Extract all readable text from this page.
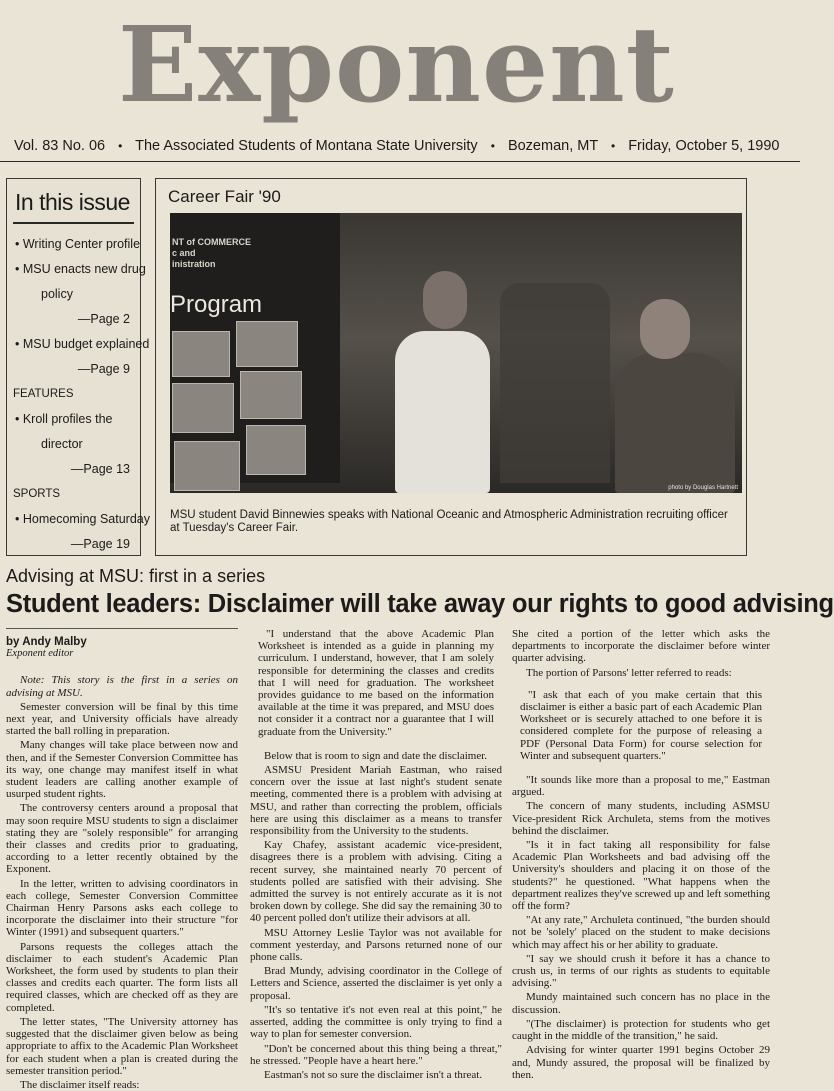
Exponent
Vol. 83 No. 06 • The Associated Students of Montana State University • Bozeman, MT • Friday, October 5, 1990
In this issue
• Writing Center profile
• MSU enacts new drug
policy
—Page 2
• MSU budget explained
—Page 9
FEATURES
• Kroll profiles the
director
—Page 13
SPORTS
• Homecoming Saturday
—Page 19
Career Fair '90
NT of COMMERCE
c and
inistration
Program
photo by Douglas Hartnett
MSU student David Binnewies speaks with National Oceanic and Atmospheric Administration recruiting officer at Tuesday's Career Fair.
Advising at MSU: first in a series
Student leaders: Disclaimer will take away our rights to good advising
by Andy Malby
Exponent editor

Note: This story is the first in a series on advising at MSU.

Semester conversion will be final by this time next year, and University officials have already started the ball rolling in preparation.

Many changes will take place between now and then, and if the Semester Conversion Committee has its way, one change may manifest itself in what student leaders are calling another example of usurped student rights.

The controversy centers around a proposal that may soon require MSU students to sign a disclaimer stating they are "solely responsible" for arranging their classes and credits prior to graduating, according to a letter recently obtained by the Exponent.

In the letter, written to advising coordinators in each college, Semester Conversion Committee Chairman Henry Parsons asks each college to incorporate the disclaimer into their structure "for Winter (1991) and subsequent quarters."

Parsons requests the colleges attach the disclaimer to each student's Academic Plan Worksheet, the form used by students to plan their classes and credits each quarter. The form lists all required classes, which are checked off as they are completed.

The letter states, "The University attorney has suggested that the disclaimer given below as being appropriate to affix to the Academic Plan Worksheet for each student when a plan is created during the semester transition period."

The disclaimer itself reads:

"I understand that the above Academic Plan Worksheet is intended as a guide in planning my curriculum. I understand, however, that I am solely responsible for determining the classes and credits that I will need for graduation. The worksheet provides guidance to me based on the information available at the time it was prepared, and MSU does not consider it a contract nor a guarantee that I will graduate from the University."

Below that is room to sign and date the disclaimer.

ASMSU President Mariah Eastman, who raised concern over the issue at last night's student senate meeting, commented there is a problem with advising at MSU, and rather than correcting the problem, officials here are using this disclaimer as a means to transfer responsibility from the University to the students.

Kay Chafey, assistant academic vice-president, disagrees there is a problem with advising. Citing a recent survey, she maintained nearly 70 percent of students polled are satisfied with their advising. She admitted the survey is not entirely accurate as it is not broken down by college. She did say the remaining 30 to 40 percent polled don't utilize their advisors at all.

MSU Attorney Leslie Taylor was not available for comment yesterday, and Parsons returned none of our phone calls.

Brad Mundy, advising coordinator in the College of Letters and Science, asserted the disclaimer is yet only a proposal.

"It's so tentative it's not even real at this point," he asserted, adding the committee is only trying to find a way to plan for semester conversion.

"Don't be concerned about this thing being a threat," he stressed. "People have a heart here."

Eastman's not so sure the disclaimer isn't a threat.

She cited a portion of the letter which asks the departments to incorporate the disclaimer before winter quarter advising.

The portion of Parsons' letter referred to reads:

"I ask that each of you make certain that this disclaimer is either a basic part of each Academic Plan Worksheet or is securely attached to one before it is considered complete for the purpose of releasing a PDF (Personal Data Form) for course selection for Winter and subsequent quarters."

"It sounds like more than a proposal to me," Eastman argued.

The concern of many students, including ASMSU Vice-president Rick Archuleta, stems from the motives behind the disclaimer.

"Is it in fact taking all responsibility for false Academic Plan Worksheets and bad advising off the University's shoulders and placing it on those of the students?" he questioned. "What happens when the department realizes they've screwed up and left something off the form?

"At any rate," Archuleta continued, "the burden should not be 'solely' placed on the student to make decisions which may affect his or her ability to graduate.

"I say we should crush it before it has a chance to crush us, in terms of our rights as students to equitable advising."

Mundy maintained such concern has no place in the discussion.

"(The disclaimer) is protection for students who get caught in the middle of the transition," he said.

Advising for winter quarter 1991 begins October 29 and, Mundy assured, the proposal will be finalized by then.
